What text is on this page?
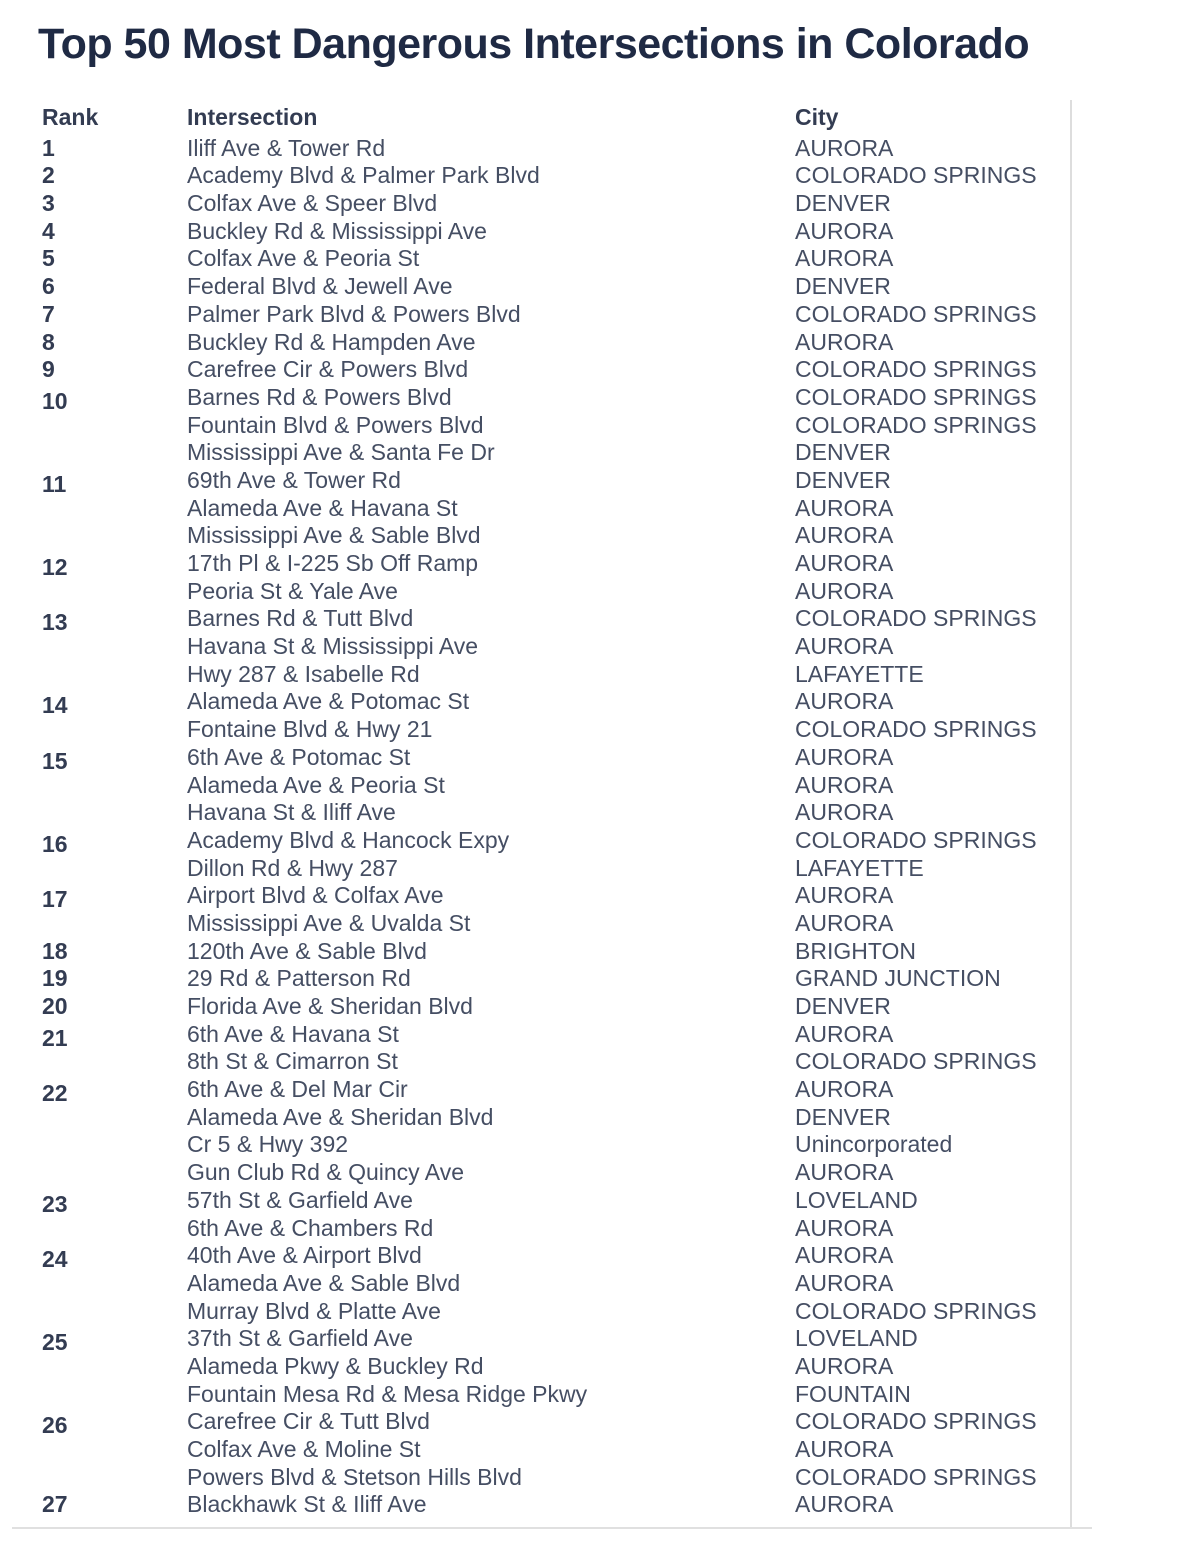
Top 50 Most Dangerous Intersections in Colorado
Rank	Intersection	City
1	Iliff Ave & Tower Rd	AURORA
2	Academy Blvd & Palmer Park Blvd	COLORADO SPRINGS
3	Colfax Ave & Speer Blvd	DENVER
4	Buckley Rd & Mississippi Ave	AURORA
5	Colfax Ave & Peoria St	AURORA
6	Federal Blvd & Jewell Ave	DENVER
7	Palmer Park Blvd & Powers Blvd	COLORADO SPRINGS
8	Buckley Rd & Hampden Ave	AURORA
9	Carefree Cir & Powers Blvd	COLORADO SPRINGS
10	Barnes Rd & Powers Blvd	COLORADO SPRINGS
Fountain Blvd & Powers Blvd	COLORADO SPRINGS
Mississippi Ave & Santa Fe Dr	DENVER
11	69th Ave & Tower Rd	DENVER
Alameda Ave & Havana St	AURORA
Mississippi Ave & Sable Blvd	AURORA
12	17th Pl & I-225 Sb Off Ramp	AURORA
Peoria St & Yale Ave	AURORA
13	Barnes Rd & Tutt Blvd	COLORADO SPRINGS
Havana St & Mississippi Ave	AURORA
Hwy 287 & Isabelle Rd	LAFAYETTE
14	Alameda Ave & Potomac St	AURORA
Fontaine Blvd & Hwy 21	COLORADO SPRINGS
15	6th Ave & Potomac St	AURORA
Alameda Ave & Peoria St	AURORA
Havana St & Iliff Ave	AURORA
16	Academy Blvd & Hancock Expy	COLORADO SPRINGS
Dillon Rd & Hwy 287	LAFAYETTE
17	Airport Blvd & Colfax Ave	AURORA
Mississippi Ave & Uvalda St	AURORA
18	120th Ave & Sable Blvd	BRIGHTON
19	29 Rd & Patterson Rd	GRAND JUNCTION
20	Florida Ave & Sheridan Blvd	DENVER
21	6th Ave & Havana St	AURORA
8th St & Cimarron St	COLORADO SPRINGS
22	6th Ave & Del Mar Cir	AURORA
Alameda Ave & Sheridan Blvd	DENVER
Cr 5 & Hwy 392	Unincorporated
Gun Club Rd & Quincy Ave	AURORA
23	57th St & Garfield Ave	LOVELAND
6th Ave & Chambers Rd	AURORA
24	40th Ave & Airport Blvd	AURORA
Alameda Ave & Sable Blvd	AURORA
Murray Blvd & Platte Ave	COLORADO SPRINGS
25	37th St & Garfield Ave	LOVELAND
Alameda Pkwy & Buckley Rd	AURORA
Fountain Mesa Rd & Mesa Ridge Pkwy	FOUNTAIN
26	Carefree Cir & Tutt Blvd	COLORADO SPRINGS
Colfax Ave & Moline St	AURORA
Powers Blvd & Stetson Hills Blvd	COLORADO SPRINGS
27	Blackhawk St & Iliff Ave	AURORA
